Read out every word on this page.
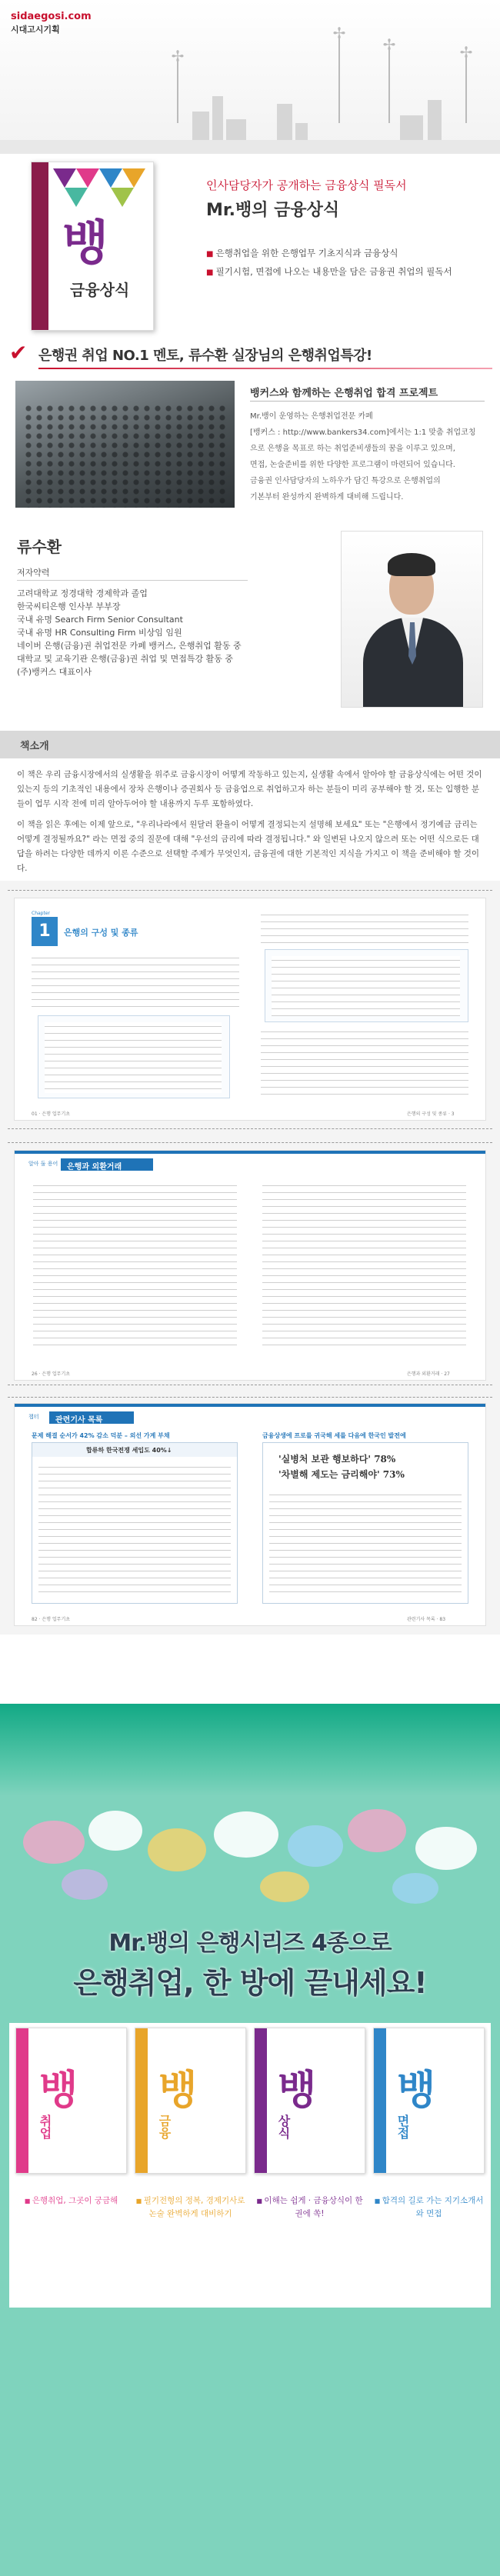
sidaegosi.com
시대고시기획
✢
✢
✢	✢
뱅
금융상식
인사담당자가 공개하는 금융상식 필독서
Mr.뱅의 금융상식
■ 은행취업을 위한 은행업무 기초지식과 금융상식
■ 필기시험, 면접에 나오는 내용만을 담은 금융권 취업의 필독서
✔ 은행권 취업 NO.1 멘토, 류수환 실장님의 은행취업특강!
뱅커스와 함께하는 은행취업 합격 프로젝트
Mr.뱅이 운영하는 은행취업전문 카페
[뱅커스 : http://www.bankers34.com]에서는 1:1 맞춤 취업코칭
으로 은행을 목표로 하는 취업준비생들의 꿈을 이루고 있으며,
면접, 논술준비를 위한 다양한 프로그램이 마련되어 있습니다.
금융권 인사담당자의 노하우가 담긴 특강으로 은행취업의
기본부터 완성까지 완벽하게 대비해 드립니다.
류수환
저자약력
고려대학교 정경대학 경제학과 졸업
한국씨티은행 인사부 부부장
국내 유명 Search Firm Senior Consultant
국내 유명 HR Consulting Firm 비상임 임원
네이버 은행(금융)권 취업전문 카페 뱅커스, 은행취업 활동 중
대학교 및 교육기관 은행(금융)권 취업 및 면접특강 활동 중
(주)뱅커스 대표이사
책소개

이 책은 우리 금융시장에서의 실생활을 위주로 금융시장이 어떻게 작동하고 있는지, 실생활 속에서 알아야 할 금융상식에는 어떤 것이 있는지 등의 기초적인 내용에서 장차 은행이나 증권회사 등 금융업으로 취업하고자 하는 분들이 미리 공부해야 할 것, 또는 입행한 분들이 업무 시작 전에 미리 알아두어야 할 내용까지 두루 포함하였다.

이 책을 읽은 후에는 이제 앞으로, "우리나라에서 원달러 환율이 어떻게 결정되는지 설명해 보세요" 또는 "은행에서 정기예금 금리는 어떻게 결정될까요?" 라는 면접 중의 질문에 대해 "우선의 금리에 따라 결정됩니다." 와 일변된 나오지 않으려 또는 어떤 식으로든 대답을 하려는 다양한 데까지 이론 수준으로 선택할 주제가 무엇인지, 금융권에 대한 기본적인 지식을 가지고 이 책을 준비해야 할 것이다.

Chapter
1	은행의 구성 및 종류
01 · 은행 업무기초	은행의 구성 및 종류 · 3
알아 둘 용어 은행과 외환거래
26 · 은행 업무기초	은행과 외환거래 · 27
챕터 관련기사 목록
문제 해결 순서가 42% 감소 덕분 – 외선 가계 부채
합류하 한국전쟁 세입도 40%↓
금융상생에 프로를 귀국해 세를 다음에 한국인 발전에
'실병처 보관 행보하다' 78%
'차별해 제도는 금리해야' 73%
82 · 은행 업무기초	관련기사 목록 · 83
Mr.뱅의 은행시리즈 4종으로
은행취업, 한 방에 끝내세요!
뱅
취업
뱅
금융
뱅
상식
뱅
면접
■ 은행취업, 그곳이 궁금해
■	필기전형의 정복, 경제기사로 논술 완벽하게 대비하기
■ 이해는 쉽게 · 금융상식이 한 권에 쏙!
■ 합격의 길로 가는 지기소개서와 면접
